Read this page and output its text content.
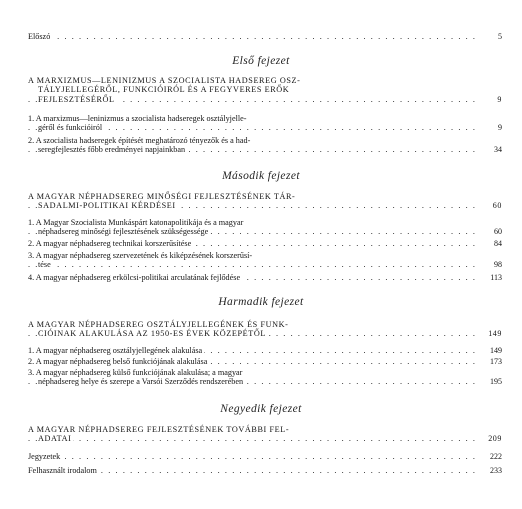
Előszó	5
. . .
Első fejezet
A MARXIZMUS—LENINIZMUS A SZOCIALISTA HADSEREG OSZ-
TÁLYJELLEGÉRŐL, FUNKCIÓIRÓL ÉS A FEGYVERES ERŐK
FEJLESZTÉSÉRŐL	9
. . .
1. A marxizmus—leninizmus a szocialista hadseregek osztályjelle-
géről és funkcióiról	9
. . .
2. A szocialista hadseregek építését meghatározó tényezők és a had-
seregfejlesztés főbb eredményei napjainkban	34
. . .
Második fejezet
A MAGYAR NÉPHADSEREG MINŐSÉGI FEJLESZTÉSÉNEK TÁR-
SADALMI-POLITIKAI KÉRDÉSEI	60
. . .
1. A Magyar Szocialista Munkáspárt katonapolitikája és a magyar
néphadsereg minőségi fejlesztésének szükségessége	60
. . .
2. A magyar néphadsereg technikai korszerűsítése	84
. . .
3. A magyar néphadsereg szervezetének és kiképzésének korszerűsí-
tése	98
. . .
4. A magyar néphadsereg erkölcsi-politikai arculatának fejlődése	113
. . .
Harmadik fejezet
A MAGYAR NÉPHADSEREG OSZTÁLYJELLEGÉNEK ÉS FUNK-
CIÓINAK ALAKULÁSA AZ 1950-ES ÉVEK KÖZEPÉTŐL	149
. . .
1. A magyar néphadsereg osztályjellegének alakulása	149
. . .
2. A magyar néphadsereg belső funkciójának alakulása	173
. . .
3. A magyar néphadsereg külső funkciójának alakulása; a magyar
néphadsereg helye és szerepe a Varsói Szerződés rendszerében	195
. . .
Negyedik fejezet
A MAGYAR NÉPHADSEREG FEJLESZTÉSÉNEK TOVÁBBI FEL-
ADATAI	209
. . .
Jegyzetek	222
. . .
Felhasznált irodalom	233
. . .
